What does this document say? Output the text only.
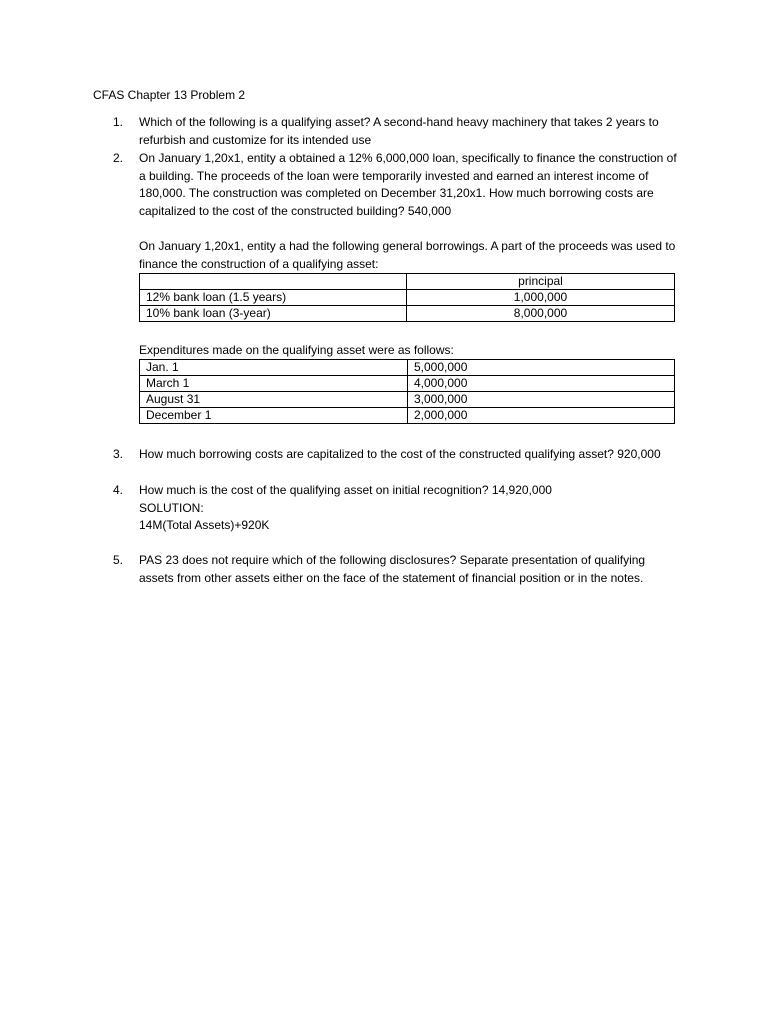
CFAS Chapter 13 Problem 2

1.	Which of the following is a qualifying asset? A second-hand heavy machinery that takes 2 years to refurbish and customize for its intended use
2.	On January 1,20x1, entity a obtained a 12% 6,000,000 loan, specifically to finance the construction of a building. The proceeds of the loan were temporarily invested and earned an interest income of 180,000. The construction was completed on December 31,20x1. How much borrowing costs are capitalized to the cost of the constructed building? 540,000

On January 1,20x1, entity a had the following general borrowings. A part of the proceeds was used to finance the construction of a qualifying asset:

	principal
12% bank loan (1.5 years)	1,000,000
10% bank loan (3-year)	8,000,000

Expenditures made on the qualifying asset were as follows:

Jan. 1	5,000,000
March 1	4,000,000
August 31	3,000,000
December 1	2,000,000
3.	How much borrowing costs are capitalized to the cost of the constructed qualifying asset? 920,000
4.	How much is the cost of the qualifying asset on initial recognition? 14,920,000
SOLUTION:
14M(Total Assets)+920K
5.	PAS 23 does not require which of the following disclosures? Separate presentation of qualifying assets from other assets either on the face of the statement of financial position or in the notes.
